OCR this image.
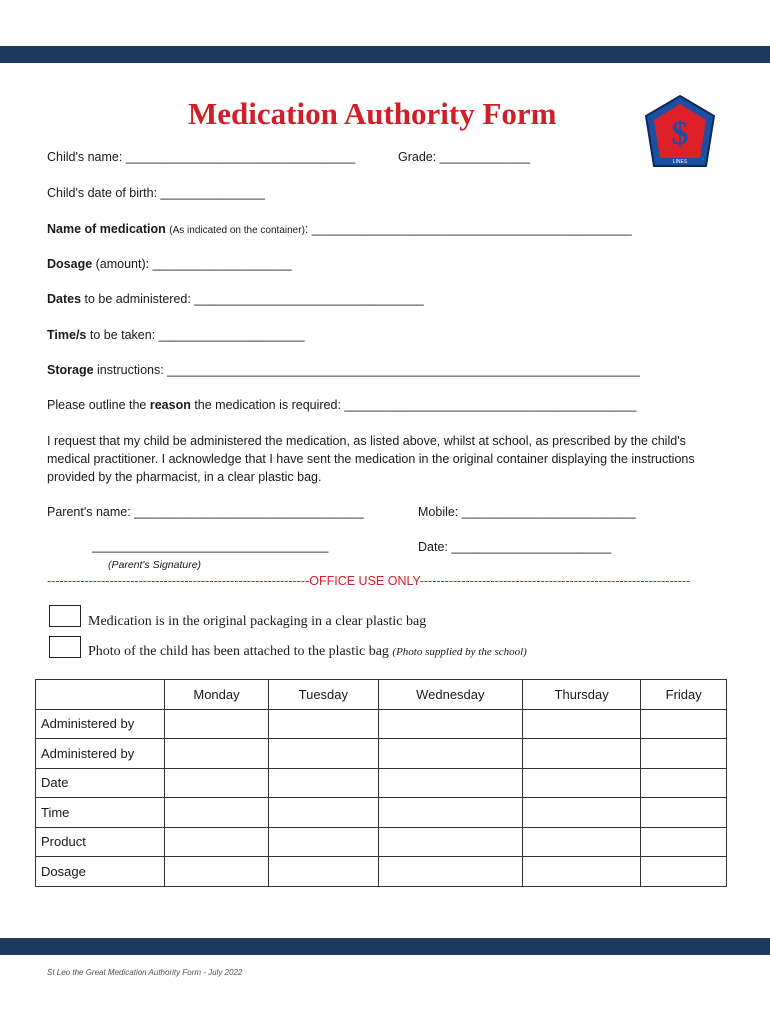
Medication Authority Form
$
LINES
Child's name: _________________________________	Grade: _____________
Child's date of birth: _______________
Name of medication (As indicated on the container): ______________________________________________
Dosage (amount): ____________________
Dates to be administered: _________________________________
Time/s to be taken: _____________________
Storage instructions: ____________________________________________________________________
Please outline the reason the medication is required: __________________________________________
I request that my child be administered the medication, as listed above, whilst at school, as prescribed by the child's medical practitioner. I acknowledge that I have sent the medication in the original container displaying the instructions provided by the pharmacist, in a clear plastic bag.
Parent's name: _________________________________	Mobile: _________________________
__________________________________	Date: _______________________
(Parent's Signature)
---------------------------------------------------------------OFFICE USE ONLY-----------------------------------------------------------------
Medication is in the original packaging in a clear plastic bag
Photo of the child has been attached to the plastic bag (Photo supplied by the school)
	Monday	Tuesday	Wednesday	Thursday	Friday
Administered by					
Administered by					
Date					
Time					
Product					
Dosage					
St Leo the Great Medication Authority Form - July 2022
